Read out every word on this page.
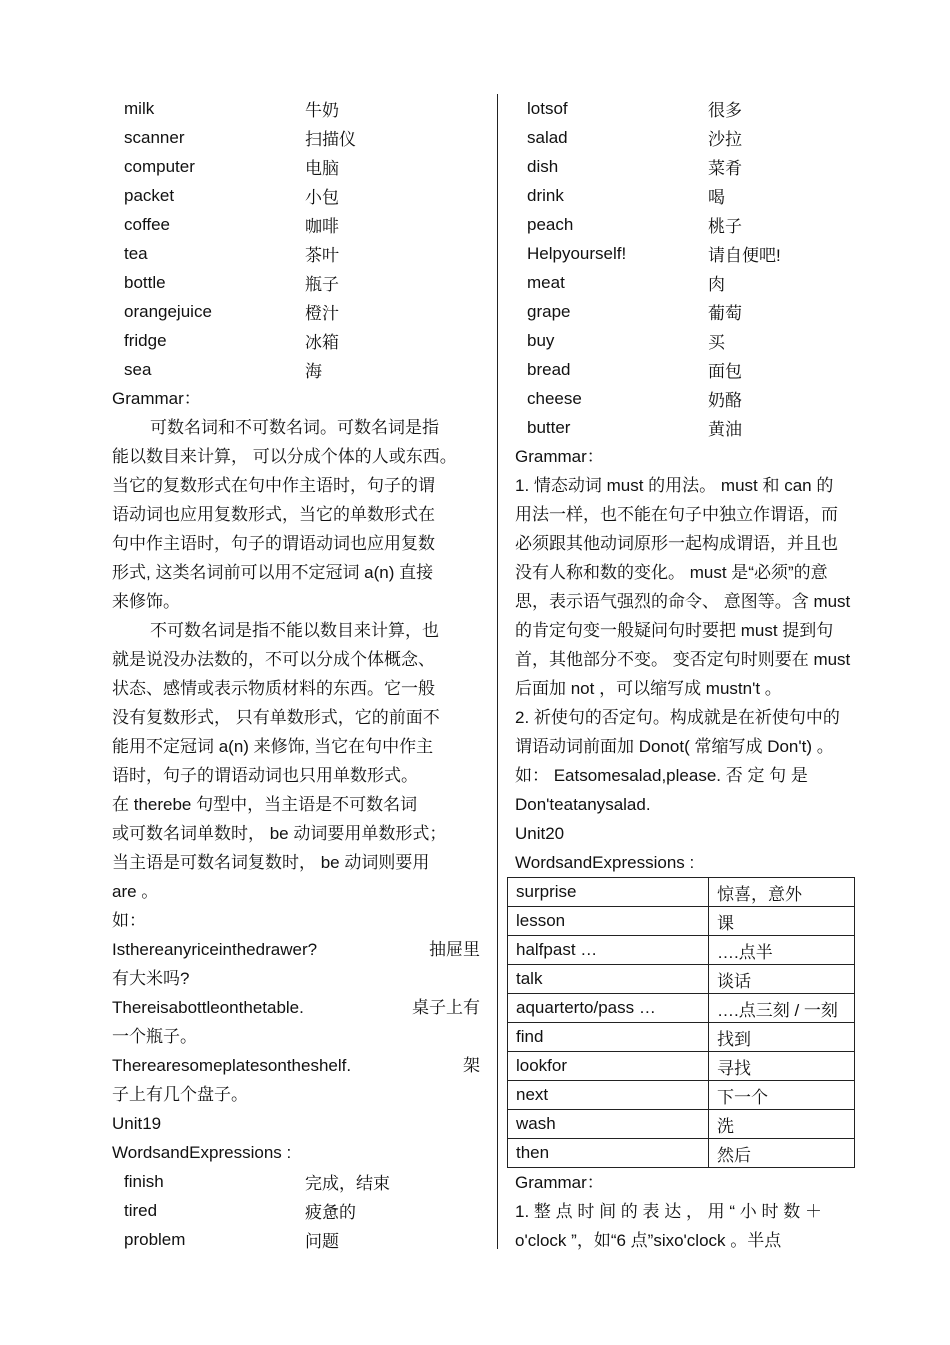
milk	牛奶
scanner	扫描仪
computer	电脑
packet	小包
coffee	咖啡
tea	茶叶
bottle	瓶子
orangejuice	橙汁
fridge	冰箱
sea	海
Grammar：
可数名词和不可数名词。可数名词是指
能以数目来计算， 可以分成个体的人或东西。
当它的复数形式在句中作主语时，句子的谓
语动词也应用复数形式，当它的单数形式在
句中作主语时，句子的谓语动词也应用复数
形式, 这类名词前可以用不定冠词 a(n) 直接
来修饰。
不可数名词是指不能以数目来计算，也
就是说没办法数的，不可以分成个体概念、
状态、感情或表示物质材料的东西。它一般
没有复数形式， 只有单数形式，它的前面不
能用不定冠词 a(n) 来修饰, 当它在句中作主
语时，句子的谓语动词也只用单数形式。
在 therebe 句型中，当主语是不可数名词
或可数名词单数时， be 动词要用单数形式；
当主语是可数名词复数时， be 动词则要用
are 。
如：
Isthereanyriceinthedrawer?	抽屉里
有大米吗?
Thereisabottleonthetable.	桌子上有
一个瓶子。
Therearesomeplatesontheshelf.	架
子上有几个盘子。
Unit19
WordsandExpressions :
finish	完成，结束
tired	疲惫的
problem	问题
lotsof	很多
salad	沙拉
dish	菜肴
drink	喝
peach	桃子
Helpyourself!	请自便吧!
meat	肉
grape	葡萄
buy	买
bread	面包
cheese	奶酪
butter	黄油
Grammar：
1. 情态动词 must 的用法。 must 和 can 的
用法一样，也不能在句子中独立作谓语，而
必须跟其他动词原形一起构成谓语，并且也
没有人称和数的变化。 must 是“必须”的意
思，表示语气强烈的命令、 意图等。含 must
的肯定句变一般疑问句时要把 must 提到句
首，其他部分不变。 变否定句时则要在 must
后面加 not ，可以缩写成 mustn't 。
2. 祈使句的否定句。构成就是在祈使句中的
谓语动词前面加 Donot( 常缩写成 Don't) 。
如： Eatsomesalad,please. 否 定 句 是
Don'teatanysalad.
Unit20
WordsandExpressions :
surprise	惊喜，意外
lesson	课
halfpast …	….点半
talk	谈话
aquarterto/pass …	….点三刻 / 一刻
find	找到
lookfor	寻找
next	下一个
wash	洗
then	然后
Grammar：
1. 整 点 时 间 的 表 达 ， 用 “ 小 时 数 ＋
o'clock ”，如“6 点”sixo'clock 。半点
